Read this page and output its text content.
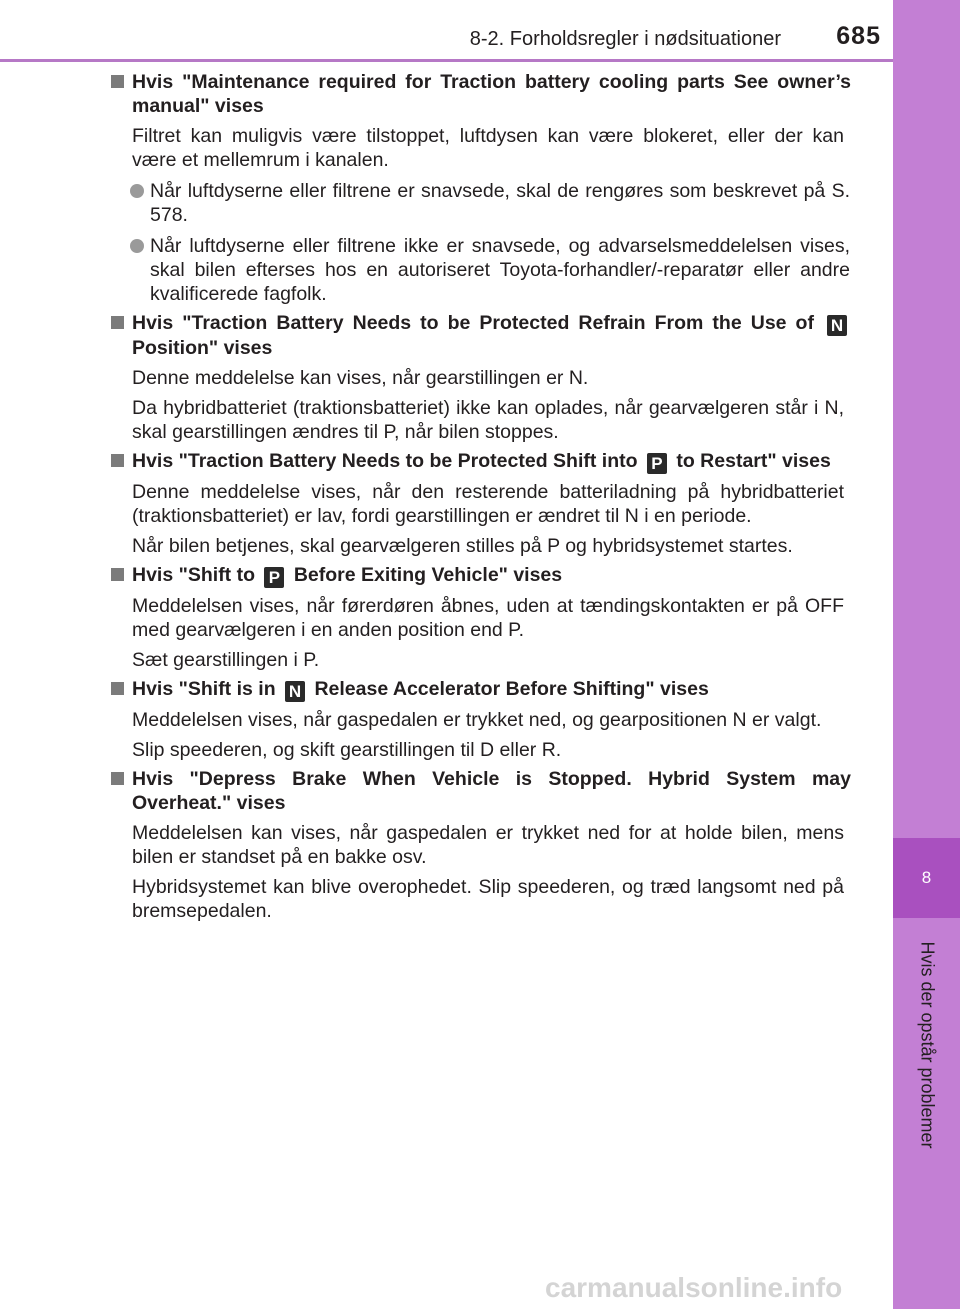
8-2. Forholdsregler i nødsituationer 685
8
Hvis der opstår problemer
Hvis "Maintenance required for Traction battery cooling parts See owner’s manual" vises
Filtret kan muligvis være tilstoppet, luftdysen kan være blokeret, eller der kan være et mellemrum i kanalen.
Når luftdyserne eller filtrene er snavsede, skal de rengøres som beskrevet på S. 578.
Når luftdyserne eller filtrene ikke er snavsede, og advarselsmeddelelsen vises, skal bilen efterses hos en autoriseret Toyota-forhandler/-reparatør eller andre kvalificerede fagfolk.
Hvis "Traction Battery Needs to be Protected Refrain From the Use of N Position" vises
Denne meddelelse kan vises, når gearstillingen er N.
Da hybridbatteriet (traktionsbatteriet) ikke kan oplades, når gearvælgeren står i N, skal gearstillingen ændres til P, når bilen stoppes.
Hvis "Traction Battery Needs to be Protected Shift into P to Restart" vises
Denne meddelelse vises, når den resterende batteriladning på hybridbatteriet (traktionsbatteriet) er lav, fordi gearstillingen er ændret til N i en periode.
Når bilen betjenes, skal gearvælgeren stilles på P og hybridsystemet startes.
Hvis "Shift to P Before Exiting Vehicle" vises
Meddelelsen vises, når førerdøren åbnes, uden at tændingskontakten er på OFF med gearvælgeren i en anden position end P.
Sæt gearstillingen i P.
Hvis "Shift is in N Release Accelerator Before Shifting" vises
Meddelelsen vises, når gaspedalen er trykket ned, og gearpositionen N er valgt.
Slip speederen, og skift gearstillingen til D eller R.
Hvis "Depress Brake When Vehicle is Stopped. Hybrid System may Overheat." vises
Meddelelsen kan vises, når gaspedalen er trykket ned for at holde bilen, mens bilen er standset på en bakke osv.
Hybridsystemet kan blive overophedet. Slip speederen, og træd langsomt ned på bremsepedalen.
carmanualsonline.info
